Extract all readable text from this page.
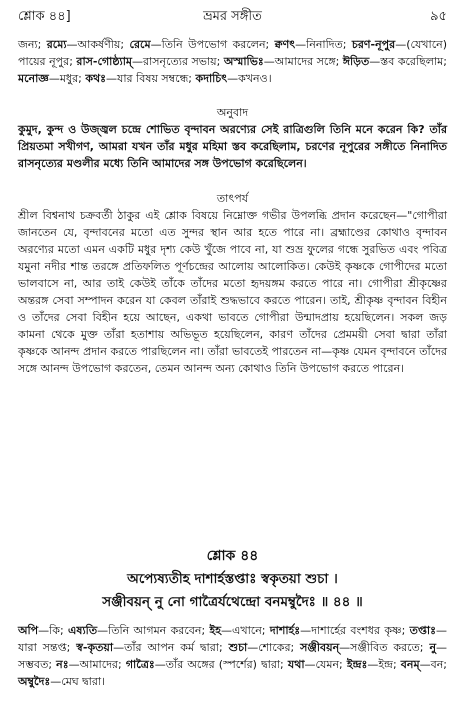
শ্লোক ৪৪]	ভ্রমর সঙ্গীত	৯৫

জন্য; রম্যে—আকর্ষণীয়; রেমে—তিনি উপভোগ করলেন; ক্বণৎ—নিনাদিত; চরণ-নূপুর—(যেখানে) পায়ের নূপুর; রাস-গোষ্ঠ্যাম্—রাসনৃত্যের সভায়; অস্মাভিঃ—আমাদের সঙ্গে; ঈড়িত—স্তব করেছিলাম; মনোজ্ঞ—মধুর; কথঃ—যার বিষয় সম্বন্ধে; কদাচিৎ—কখনও।

অনুবাদ

কুমুদ, কুন্দ ও উজ্জ্বল চন্দ্রে শোভিত বৃন্দাবন অরণ্যের সেই রাত্রিগুলি তিনি মনে করেন কি? তাঁর প্রিয়তমা সখীগণ, আমরা যখন তাঁর মধুর মহিমা স্তব করেছিলাম, চরণের নূপুরের সঙ্গীতে নিনাদিত রাসনৃত্যের মণ্ডলীর মধ্যে তিনি আমাদের সঙ্গ উপভোগ করেছিলেন।

তাৎপর্য

শ্রীল বিশ্বনাথ চক্রবর্তী ঠাকুর এই শ্লোক বিষয়ে নিম্নোক্ত গভীর উপলব্ধি প্রদান করেছেন—"গোপীরা জানতেন যে, বৃন্দাবনের মতো এত সুন্দর স্থান আর হতে পারে না। ব্রহ্মাণ্ডের কোথাও বৃন্দাবন অরণ্যের মতো এমন একটি মধুর দৃশ্য কেউ খুঁজে পাবে না, যা শুভ্র ফুলের গন্ধে সুরভিত এবং পবিত্র যমুনা নদীর শান্ত তরঙ্গে প্রতিফলিত পূর্ণচন্দ্রের আলোয় আলোকিত। কেউই কৃষ্ণকে গোপীদের মতো ভালবাসে না, আর তাই কেউই তাঁকে তাঁদের মতো হৃদয়ঙ্গম করতে পারে না। গোপীরা শ্রীকৃষ্ণের অন্তরঙ্গ সেবা সম্পাদন করেন যা কেবল তাঁরাই শুদ্ধভাবে করতে পারেন। তাই, শ্রীকৃষ্ণ বৃন্দাবন বিহীন ও তাঁদের সেবা বিহীন হয়ে আছেন, একথা ভাবতে গোপীরা উন্মাদপ্রায় হয়েছিলেন। সকল জড় কামনা থেকে মুক্ত তাঁরা হতাশায় অভিভূত হয়েছিলেন, কারণ তাঁদের প্রেমময়ী সেবা দ্বারা তাঁরা কৃষ্ণকে আনন্দ প্রদান করতে পারছিলেন না। তাঁরা ভাবতেই পারতেন না—কৃষ্ণ যেমন বৃন্দাবনে তাঁদের সঙ্গে আনন্দ উপভোগ করতেন, তেমন আনন্দ অন্য কোথাও তিনি উপভোগ করতে পারেন।

শ্লোক ৪৪
অপ্যেষ্যতীহ দাশার্হস্তপ্তাঃ স্বকৃতয়া শুচা ।
সঞ্জীবয়ন্ নু নো গাত্রৈর্যথেন্দ্রো বনমম্বুদৈঃ ॥ ৪৪ ॥

অপি—কি; এষ্যতি—তিনি আগমন করবেন; ইহ—এখানে; দাশার্হঃ—দাশার্হের বংশধর কৃষ্ণ; তপ্তাঃ—যারা সন্তপ্ত; স্ব-কৃতয়া—তাঁর আপন কর্ম দ্বারা; শুচা—শোকের; সঞ্জীবয়ন্—সঞ্জীবিত করতে; নু—সম্ভবত; নঃ—আমাদের; গাত্রৈঃ—তাঁর অঙ্গের (স্পর্শের) দ্বারা; যথা—যেমন; ইন্দ্রঃ—ইন্দ্র; বনম্—বন; অম্বুদৈঃ—মেঘ দ্বারা।
